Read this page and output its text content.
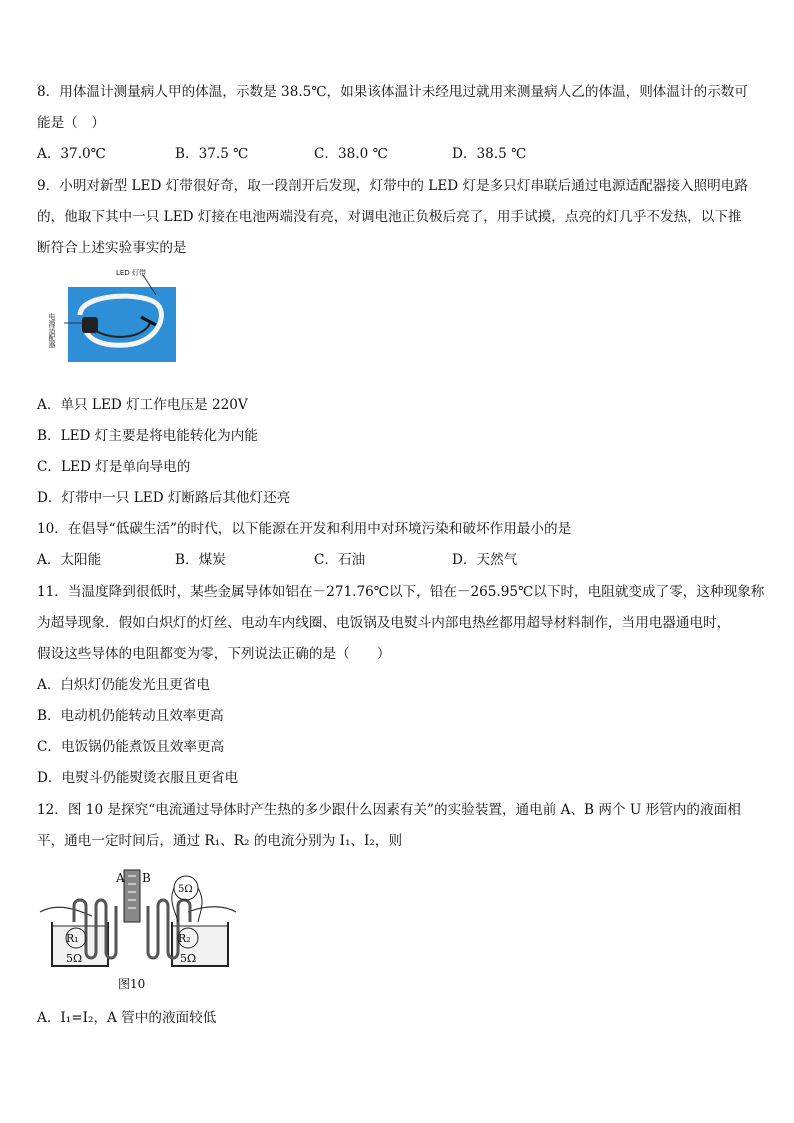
8．用体温计测量病人甲的体温，示数是 38.5℃，如果该体温计未经甩过就用来测量病人乙的体温，则体温计的示数可
能是（　）
A．37.0℃	B．37.5 ℃	C．38.0 ℃	D．38.5 ℃
9．小明对新型 LED 灯带很好奇，取一段剖开后发现，灯带中的 LED 灯是多只灯串联后通过电源适配器接入照明电路
的，他取下其中一只 LED 灯接在电池两端没有亮，对调电池正负极后亮了，用手试摸，点亮的灯几乎不发热，以下推
断符合上述实验事实的是
LED 灯带
电源适配器
A．单只 LED 灯工作电压是 220V
B．LED 灯主要是将电能转化为内能
C．LED 灯是单向导电的
D．灯带中一只 LED 灯断路后其他灯还亮
10．在倡导“低碳生活”的时代，以下能源在开发和利用中对环境污染和破坏作用最小的是
A．太阳能	B．煤炭	C．石油	D．天然气
11．当温度降到很低时，某些金属导体如铝在－271.76℃以下，铅在－265.95℃以下时，电阻就变成了零，这种现象称
为超导现象．假如白炽灯的灯丝、电动车内线圈、电饭锅及电熨斗内部电热丝都用超导材料制作，当用电器通电时，
假设这些导体的电阻都变为零，下列说法正确的是（　　）
A．白炽灯仍能发光且更省电
B．电动机仍能转动且效率更高
C．电饭锅仍能煮饭且效率更高
D．电熨斗仍能熨烫衣服且更省电
12．图 10 是探究“电流通过导体时产生热的多少跟什么因素有关”的实验装置，通电前 A、B 两个 U 形管内的液面相
平，通电一定时间后，通过 R₁、R₂ 的电流分别为 I₁、I₂，则
A B
5Ω
R₁
5Ω
R₂
5Ω
图10
A．I₁=I₂，A 管中的液面较低
